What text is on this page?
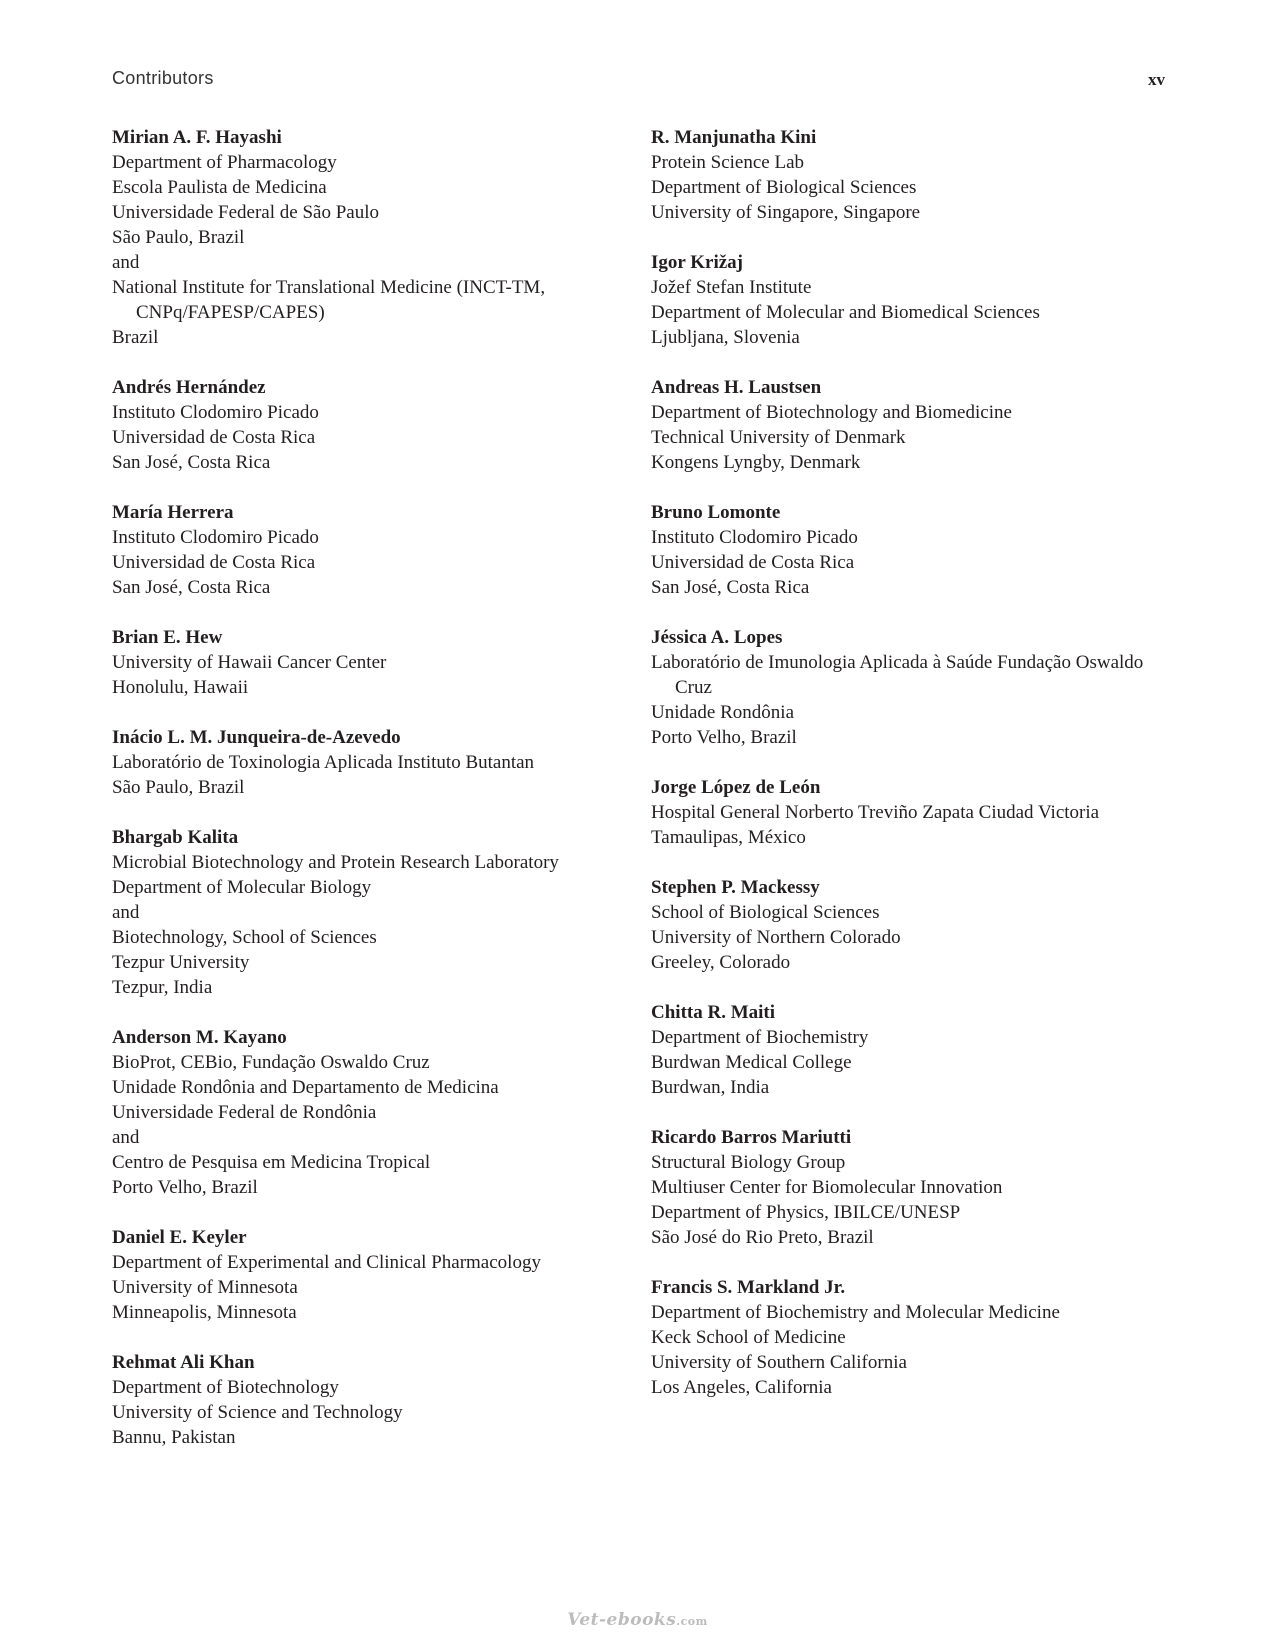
Contributors	xv
Mirian A. F. Hayashi
Department of Pharmacology
Escola Paulista de Medicina
Universidade Federal de São Paulo
São Paulo, Brazil
and
National Institute for Translational Medicine (INCT-TM, CNPq/FAPESP/CAPES)
Brazil
Andrés Hernández
Instituto Clodomiro Picado
Universidad de Costa Rica
San José, Costa Rica
María Herrera
Instituto Clodomiro Picado
Universidad de Costa Rica
San José, Costa Rica
Brian E. Hew
University of Hawaii Cancer Center
Honolulu, Hawaii
Inácio L. M. Junqueira-de-Azevedo
Laboratório de Toxinologia Aplicada Instituto Butantan
São Paulo, Brazil
Bhargab Kalita
Microbial Biotechnology and Protein Research Laboratory
Department of Molecular Biology
and
Biotechnology, School of Sciences
Tezpur University
Tezpur, India
Anderson M. Kayano
BioProt, CEBio, Fundação Oswaldo Cruz
Unidade Rondônia and Departamento de Medicina
Universidade Federal de Rondônia
and
Centro de Pesquisa em Medicina Tropical
Porto Velho, Brazil
Daniel E. Keyler
Department of Experimental and Clinical Pharmacology
University of Minnesota
Minneapolis, Minnesota
Rehmat Ali Khan
Department of Biotechnology
University of Science and Technology
Bannu, Pakistan
R. Manjunatha Kini
Protein Science Lab
Department of Biological Sciences
University of Singapore, Singapore
Igor Križaj
Jožef Stefan Institute
Department of Molecular and Biomedical Sciences
Ljubljana, Slovenia
Andreas H. Laustsen
Department of Biotechnology and Biomedicine
Technical University of Denmark
Kongens Lyngby, Denmark
Bruno Lomonte
Instituto Clodomiro Picado
Universidad de Costa Rica
San José, Costa Rica
Jéssica A. Lopes
Laboratório de Imunologia Aplicada à Saúde Fundação Oswaldo Cruz
Unidade Rondônia
Porto Velho, Brazil
Jorge López de León
Hospital General Norberto Treviño Zapata Ciudad Victoria
Tamaulipas, México
Stephen P. Mackessy
School of Biological Sciences
University of Northern Colorado
Greeley, Colorado
Chitta R. Maiti
Department of Biochemistry
Burdwan Medical College
Burdwan, India
Ricardo Barros Mariutti
Structural Biology Group
Multiuser Center for Biomolecular Innovation
Department of Physics, IBILCE/UNESP
São José do Rio Preto, Brazil
Francis S. Markland Jr.
Department of Biochemistry and Molecular Medicine
Keck School of Medicine
University of Southern California
Los Angeles, California
Vet-ebooks.com
